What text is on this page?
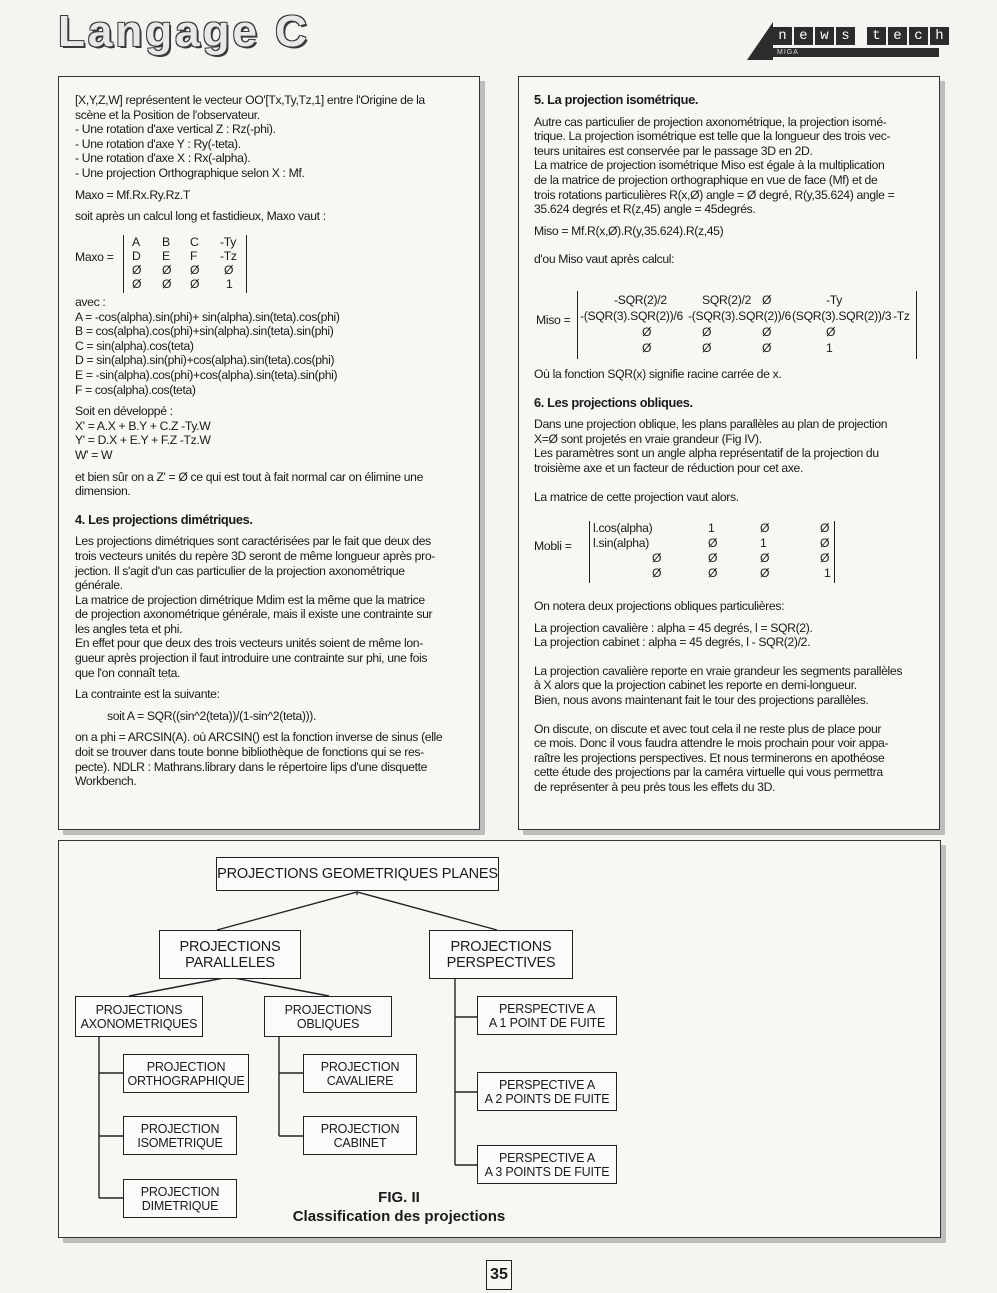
Langage C	n e w s	t e c h
MIGA

[X,Y,Z,W] représentent le vecteur OO'[Tx,Ty,Tz,1] entre l'Origine de la

scène et la Position de l'observateur.

- Une rotation d'axe vertical Z : Rz(-phi).

- Une rotation d'axe Y : Ry(-teta).

- Une rotation d'axe X : Rx(-alpha).

- Une projection Orthographique selon X : Mf.

Maxo = Mf.Rx.Ry.Rz.T

soit après un calcul long et fastidieux, Maxo vaut :

Maxo =
A B C -Ty
D E F -Tz
Ø Ø Ø Ø
Ø Ø Ø 1

avec :

A = -cos(alpha).sin(phi)+ sin(alpha).sin(teta).cos(phi)

B = cos(alpha).cos(phi)+sin(alpha).sin(teta).sin(phi)

C = sin(alpha).cos(teta)

D = sin(alpha).sin(phi)+cos(alpha).sin(teta).cos(phi)

E = -sin(alpha).cos(phi)+cos(alpha).sin(teta).sin(phi)

F = cos(alpha).cos(teta)

Soit en développé :

X' = A.X + B.Y + C.Z -Ty.W

Y' = D.X + E.Y + F.Z -Tz.W

W' = W

et bien sûr on a Z' = Ø ce qui est tout à fait normal car on élimine une

dimension.

4. Les projections dimétriques.

Les projections dimétriques sont caractérisées par le fait que deux des

trois vecteurs unités du repère 3D seront de même longueur après pro-

jection. Il s'agit d'un cas particulier de la projection axonométrique

générale.

La matrice de projection dimétrique Mdim est la même que la matrice

de projection axonométrique générale, mais il existe une contrainte sur

les angles teta et phi.

En effet pour que deux des trois vecteurs unités soient de même lon-

gueur après projection il faut introduire une contrainte sur phi, une fois

que l'on connaît teta.

La contrainte est la suivante:

soit A = SQR((sin^2(teta))/(1-sin^2(teta))).

on a phi = ARCSIN(A). où ARCSIN() est la fonction inverse de sinus (elle

doit se trouver dans toute bonne bibliothèque de fonctions qui se res-

pecte). NDLR : Mathrans.library dans le répertoire lips d'une disquette

Workbench.

5. La projection isométrique.

Autre cas particulier de projection axonométrique, la projection isomé-

trique. La projection isométrique est telle que la longueur des trois vec-

teurs unitaires est conservée par le passage 3D en 2D.

La matrice de projection isométrique Miso est égale à la multiplication

de la matrice de projection orthographique en vue de face (Mf) et de

trois rotations particulières R(x,Ø) angle = Ø degré, R(y,35.624) angle =

35.624 degrés et R(z,45) angle = 45degrés.

Miso = Mf.R(x,Ø).R(y,35.624).R(z,45)

d'ou Miso vaut après calcul:

Miso =
-SQR(2)/2	SQR(2)/2 Ø	-Ty
-(SQR(3).SQR(2))/6 -(SQR(3).SQR(2))/6 (SQR(3).SQR(2))/3 -Tz
Ø	Ø	Ø	Ø
Ø	Ø	Ø	1

Où la fonction SQR(x) signifie racine carrée de x.

6. Les projections obliques.

Dans une projection oblique, les plans parallèles au plan de projection

X=Ø sont projetés en vraie grandeur (Fig IV).

Les paramètres sont un angle alpha représentatif de la projection du

troisième axe et un facteur de réduction pour cet axe.

La matrice de cette projection vaut alors.

Mobli =
l.cos(alpha)	1	Ø	Ø
l.sin(alpha)	Ø	1	Ø
Ø	Ø	Ø	Ø
Ø	Ø	Ø	1

On notera deux projections obliques particulières:

La projection cavalière : alpha = 45 degrés, l = SQR(2).

La projection cabinet : alpha = 45 degrés, l - SQR(2)/2.

La projection cavalière reporte en vraie grandeur les segments parallèles

à X alors que la projection cabinet les reporte en demi-longueur.

Bien, nous avons maintenant fait le tour des projections parallèles.

On discute, on discute et avec tout cela il ne reste plus de place pour

ce mois. Donc il vous faudra attendre le mois prochain pour voir appa-

raître les projections perspectives. Et nous terminerons en apothéose

cette étude des projections par la caméra virtuelle qui vous permettra

de représenter à peu près tous les effets du 3D.

PROJECTIONS GEOMETRIQUES PLANES
PROJECTIONS
PARALLELES
PROJECTIONS
PERSPECTIVES
PROJECTIONS
AXONOMETRIQUES
PROJECTIONS
OBLIQUES
PROJECTION
ORTHOGRAPHIQUE
PROJECTION
ISOMETRIQUE
PROJECTION
DIMETRIQUE
PROJECTION
CAVALIERE
PROJECTION
CABINET
PERSPECTIVE A
A 1 POINT DE FUITE
PERSPECTIVE A
A 2 POINTS DE FUITE
PERSPECTIVE A
A 3 POINTS DE FUITE
FIG. II
Classification des projections
35
